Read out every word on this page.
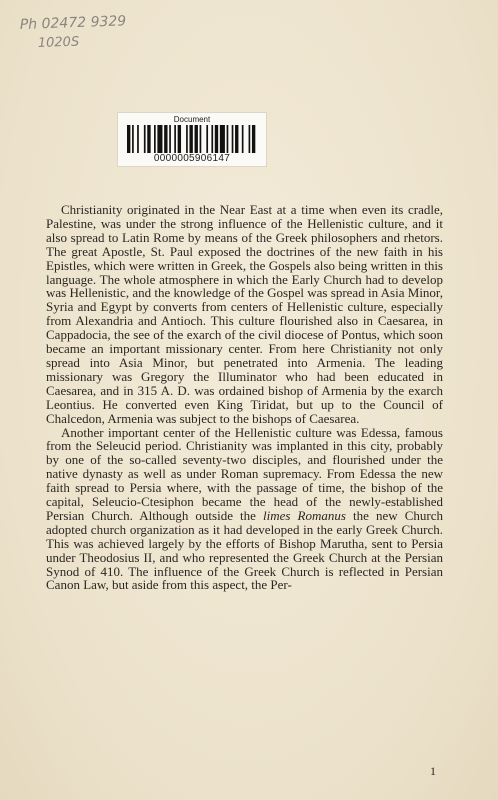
Ph 02472 9329
1020S
Document
0000005906147

Christianity originated in the Near East at a time when even its cradle, Palestine, was under the strong influence of the Hellenistic culture, and it also spread to Latin Rome by means of the Greek philosophers and rhetors. The great Apostle, St. Paul exposed the doctrines of the new faith in his Epistles, which were written in Greek, the Gospels also being written in this language. The whole atmosphere in which the Early Church had to develop was Hellenistic, and the knowledge of the Gospel was spread in Asia Minor, Syria and Egypt by converts from centers of Hellenistic culture, especially from Alexandria and Antioch. This culture flourished also in Caesarea, in Cappadocia, the see of the exarch of the civil diocese of Pontus, which soon became an important missionary center. From here Christianity not only spread into Asia Minor, but penetrated into Armenia. The leading missionary was Gregory the Illuminator who had been educated in Caesarea, and in 315 A. D. was ordained bishop of Armenia by the exarch Leontius. He converted even King Tiridat, but up to the Council of Chalcedon, Armenia was subject to the bishops of Caesarea.

Another important center of the Hellenistic culture was Edessa, famous from the Seleucid period. Christianity was implanted in this city, probably by one of the so-called seventy-two disciples, and flourished under the native dynasty as well as under Roman supremacy. From Edessa the new faith spread to Persia where, with the passage of time, the bishop of the capital, Seleucio-Ctesiphon became the head of the newly-established Persian Church. Although outside the limes Romanus the new Church adopted church organization as it had developed in the early Greek Church. This was achieved largely by the efforts of Bishop Marutha, sent to Persia under Theodosius II, and who represented the Greek Church at the Persian Synod of 410. The influence of the Greek Church is reflected in Persian Canon Law, but aside from this aspect, the Per-

1
